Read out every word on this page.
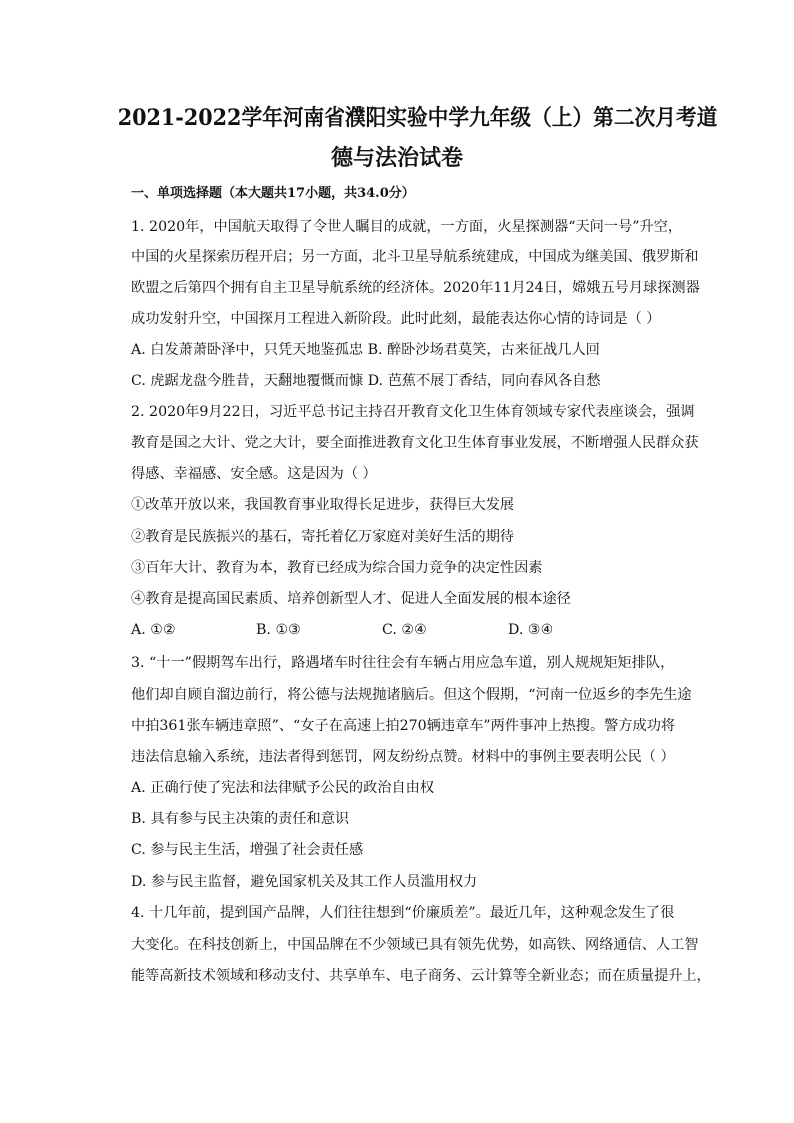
2021-2022学年河南省濮阳实验中学九年级（上）第二次月考道
德与法治试卷
一、单项选择题（本大题共17小题，共34.0分）
1. 2020年，中国航天取得了令世人瞩目的成就，一方面，火星探测器“天问一号”升空，
中国的火星探索历程开启；另一方面，北斗卫星导航系统建成，中国成为继美国、俄罗斯和
欧盟之后第四个拥有自主卫星导航系统的经济体。2020年11月24日，嫦娥五号月球探测器
成功发射升空，中国探月工程进入新阶段。此时此刻，最能表达你心情的诗词是（ ）
A. 白发萧萧卧泽中，只凭天地鉴孤忠 B. 醉卧沙场君莫笑，古来征战几人回
C. 虎踞龙盘今胜昔，天翻地覆慨而慷 D. 芭蕉不展丁香结，同向春风各自愁
2. 2020年9月22日，习近平总书记主持召开教育文化卫生体育领域专家代表座谈会，强调
教育是国之大计、党之大计，要全面推进教育文化卫生体育事业发展，不断增强人民群众获
得感、幸福感、安全感。这是因为（ ）
①改革开放以来，我国教育事业取得长足进步，获得巨大发展
②教育是民族振兴的基石，寄托着亿万家庭对美好生活的期待
③百年大计、教育为本，教育已经成为综合国力竞争的决定性因素
④教育是提高国民素质、培养创新型人才、促进人全面发展的根本途径
A. ①②	B. ①③	C. ②④	D. ③④
3. “十一”假期驾车出行，路遇堵车时往往会有车辆占用应急车道，别人规规矩矩排队，
他们却自顾自溜边前行，将公德与法规抛诸脑后。但这个假期，“河南一位返乡的李先生途
中拍361张车辆违章照”、“女子在高速上拍270辆违章车”两件事冲上热搜。警方成功将
违法信息输入系统，违法者得到惩罚，网友纷纷点赞。材料中的事例主要表明公民（ ）
A. 正确行使了宪法和法律赋予公民的政治自由权
B. 具有参与民主决策的责任和意识
C. 参与民主生活，增强了社会责任感
D. 参与民主监督，避免国家机关及其工作人员滥用权力
4. 十几年前，提到国产品牌，人们往往想到“价廉质差”。最近几年，这种观念发生了很
大变化。在科技创新上，中国品牌在不少领域已具有领先优势，如高铁、网络通信、人工智
能等高新技术领域和移动支付、共享单车、电子商务、云计算等全新业态；而在质量提升上，
